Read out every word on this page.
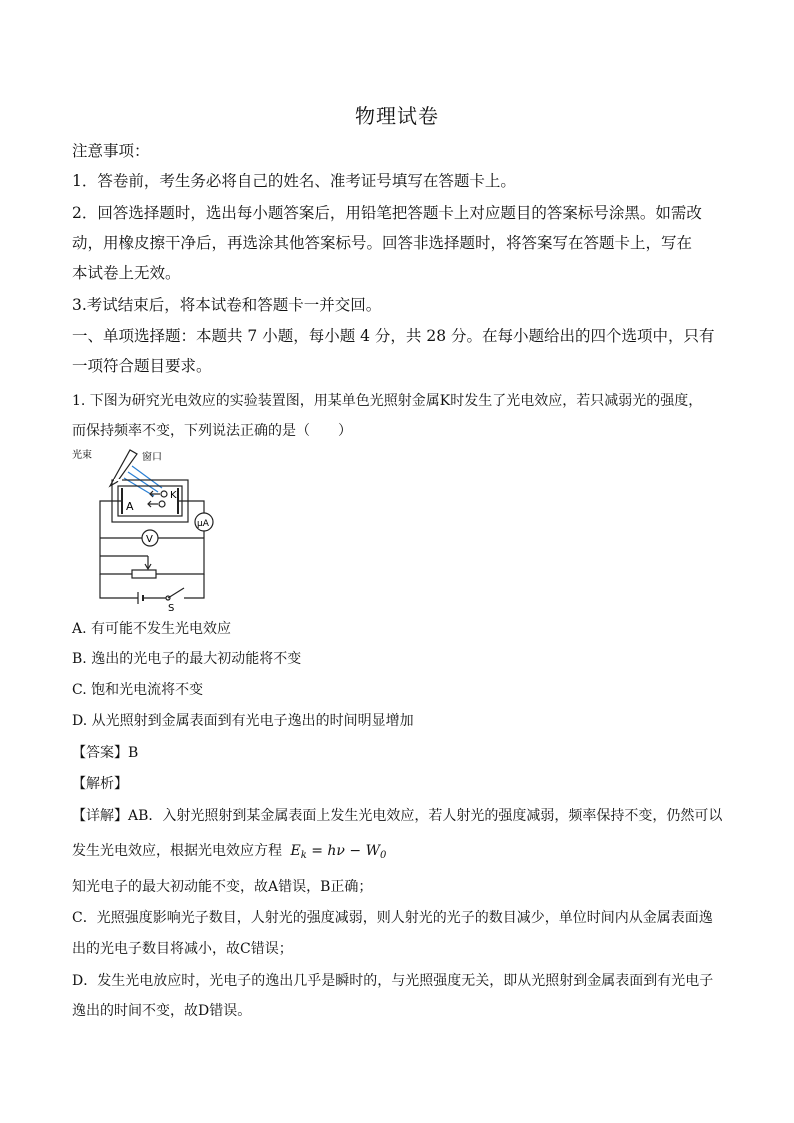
物理试卷
注意事项：
1．答卷前，考生务必将自己的姓名、准考证号填写在答题卡上。
2．回答选择题时，选出每小题答案后，用铅笔把答题卡上对应题目的答案标号涂黑。如需改
动，用橡皮擦干净后，再选涂其他答案标号。回答非选择题时，将答案写在答题卡上，写在
本试卷上无效。
3.考试结束后，将本试卷和答题卡一并交回。
一、单项选择题：本题共 7 小题，每小题 4 分，共 28 分。在每小题给出的四个选项中，只有
一项符合题目要求。
1. 下图为研究光电效应的实验装置图，用某单色光照射金属K时发生了光电效应，若只减弱光的强度，
而保持频率不变，下列说法正确的是（　　）
光束	窗口
A
K
μA
V
S
A. 有可能不发生光电效应
B. 逸出的光电子的最大初动能将不变
C. 饱和光电流将不变
D. 从光照射到金属表面到有光电子逸出的时间明显增加
【答案】B
【解析】
【详解】AB．入射光照射到某金属表面上发生光电效应，若人射光的强度减弱，频率保持不变，仍然可以
发生光电效应，根据光电效应方程 $E_k = h\nu - W_0$
知光电子的最大初动能不变，故A错误，B正确；
C．光照强度影响光子数目，人射光的强度减弱，则人射光的光子的数目减少，单位时间内从金属表面逸
出的光电子数目将减小，故C错误；
D．发生光电放应时，光电子的逸出几乎是瞬时的，与光照强度无关，即从光照射到金属表面到有光电子
逸出的时间不变，故D错误。
